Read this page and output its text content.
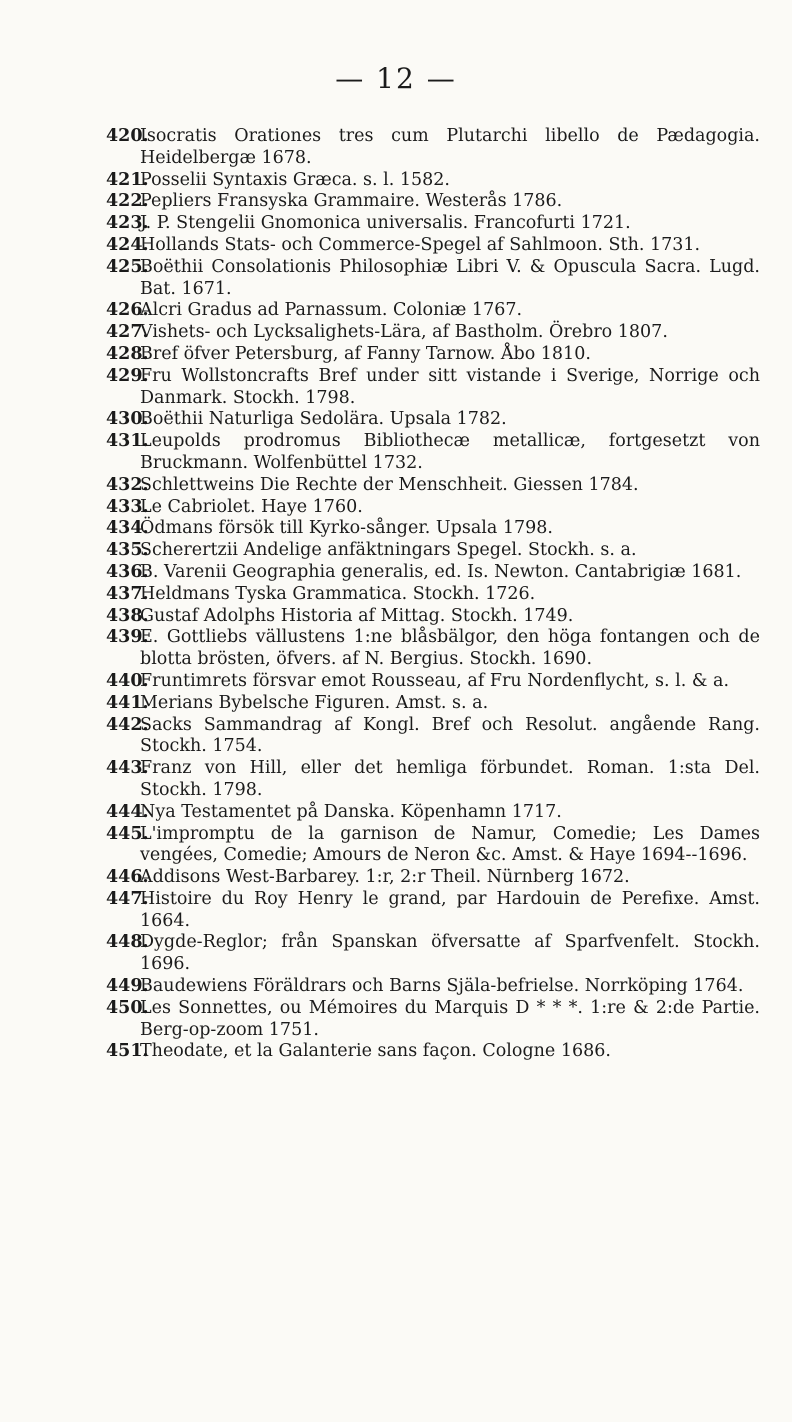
— 12 —
420.
Isocratis Orationes tres cum Plutarchi libello de Pædagogia. Heidelbergæ 1678.
421.
Posselii Syntaxis Græca. s. l. 1582.
422.
Pepliers Fransyska Grammaire. Westerås 1786.
423.
J. P. Stengelii Gnomonica universalis. Francofurti 1721.
424.
Hollands Stats- och Commerce-Spegel af Sahlmoon. Sth. 1731.
425.
Boëthii Consolationis Philosophiæ Libri V. & Opuscula Sacra. Lugd. Bat. 1671.
426.
Alcri Gradus ad Parnassum. Coloniæ 1767.
427.
Vishets- och Lycksalighets-Lära, af Bastholm. Örebro 1807.
428.
Bref öfver Petersburg, af Fanny Tarnow. Åbo 1810.
429.
Fru Wollstoncrafts Bref under sitt vistande i Sverige, Norrige och Danmark. Stockh. 1798.
430.
Boëthii Naturliga Sedolära. Upsala 1782.
431.
Leupolds prodromus Bibliothecæ metallicæ, fortgesetzt von Bruckmann. Wolfenbüttel 1732.
432.
Schlettweins Die Rechte der Menschheit. Giessen 1784.
433.
Le Cabriolet. Haye 1760.
434.
Ödmans försök till Kyrko-sånger. Upsala 1798.
435.
Scherertzii Andelige anfäktningars Spegel. Stockh. s. a.
436.
B. Varenii Geographia generalis, ed. Is. Newton. Cantabrigiæ 1681.
437.
Heldmans Tyska Grammatica. Stockh. 1726.
438.
Gustaf Adolphs Historia af Mittag. Stockh. 1749.
439.
E. Gottliebs vällustens 1:ne blåsbälgor, den höga fontangen och de blotta brösten, öfvers. af N. Bergius. Stockh. 1690.
440.
Fruntimrets försvar emot Rousseau, af Fru Nordenflycht, s. l. & a.
441.
Merians Bybelsche Figuren. Amst. s. a.
442.
Sacks Sammandrag af Kongl. Bref och Resolut. angående Rang. Stockh. 1754.
443.
Franz von Hill, eller det hemliga förbundet. Roman. 1:sta Del. Stockh. 1798.
444.
Nya Testamentet på Danska. Köpenhamn 1717.
445.
L'impromptu de la garnison de Namur, Comedie; Les Dames vengées, Comedie; Amours de Neron &c. Amst. & Haye 1694--1696.
446.
Addisons West-Barbarey. 1:r, 2:r Theil. Nürnberg 1672.
447.
Histoire du Roy Henry le grand, par Hardouin de Perefixe. Amst. 1664.
448.
Dygde-Reglor; från Spanskan öfversatte af Sparfvenfelt. Stockh. 1696.
449.
Baudewiens Föräldrars och Barns Själa-befrielse. Norrköping 1764.
450.
Les Sonnettes, ou Mémoires du Marquis D * * *. 1:re & 2:de Partie. Berg-op-zoom 1751.
451.
Theodate, et la Galanterie sans façon. Cologne 1686.
